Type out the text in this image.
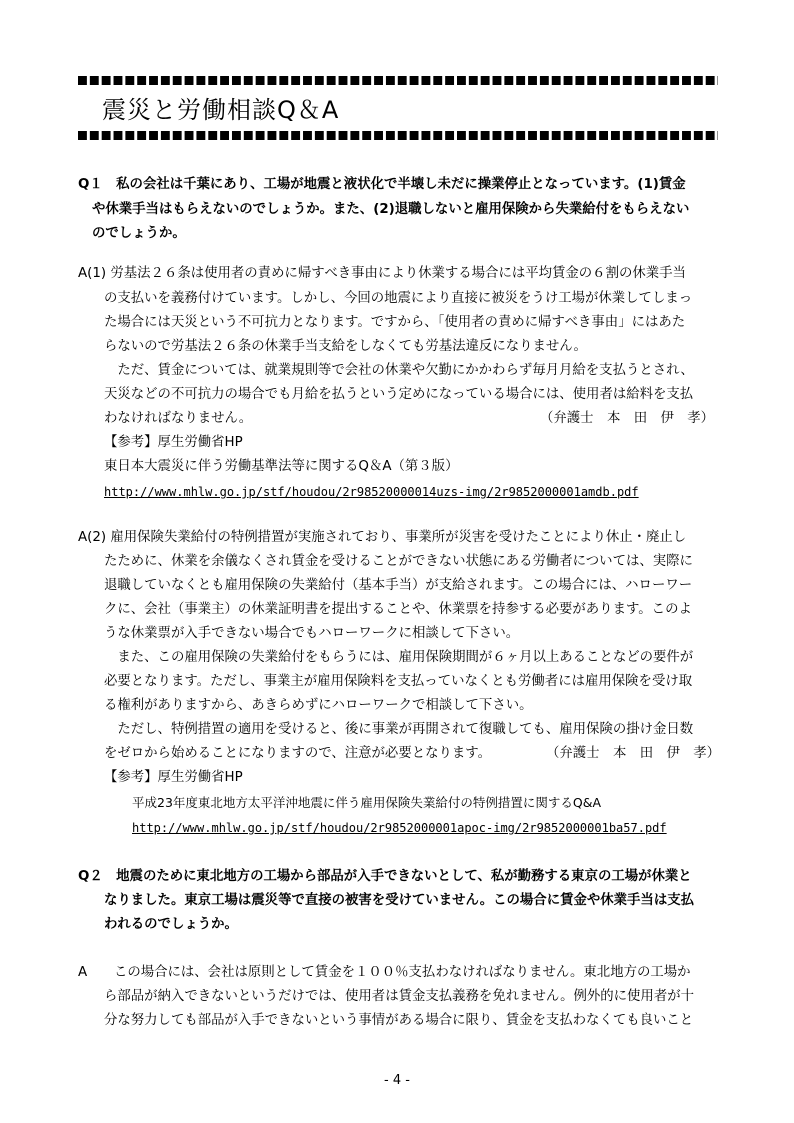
震災と労働相談Q＆A
Q１　私の会社は千葉にあり、工場が地震と液状化で半壊し未だに操業停止となっています。(1)賃金
や休業手当はもらえないのでしょうか。また、(2)退職しないと雇用保険から失業給付をもらえない
のでしょうか。
A(1) 労基法２６条は使用者の責めに帰すべき事由により休業する場合には平均賃金の６割の休業手当
の支払いを義務付けています。しかし、今回の地震により直接に被災をうけ工場が休業してしまっ
た場合には天災という不可抗力となります。ですから、「使用者の責めに帰すべき事由」にはあた
らないので労基法２６条の休業手当支給をしなくても労基法違反になりません。
　ただ、賃金については、就業規則等で会社の休業や欠勤にかかわらず毎月月給を支払うとされ、
天災などの不可抗力の場合でも月給を払うという定めになっている場合には、使用者は給料を支払
わなければなりません。	（弁護士　本　田　伊　孝）
【参考】厚生労働省HP
東日本大震災に伴う労働基準法等に関するQ＆A（第３版）
http://www.mhlw.go.jp/stf/houdou/2r98520000014uzs-img/2r9852000001amdb.pdf
A(2) 雇用保険失業給付の特例措置が実施されており、事業所が災害を受けたことにより休止・廃止し
たために、休業を余儀なくされ賃金を受けることができない状態にある労働者については、実際に
退職していなくとも雇用保険の失業給付（基本手当）が支給されます。この場合には、ハローワー
クに、会社（事業主）の休業証明書を提出することや、休業票を持参する必要があります。このよ
うな休業票が入手できない場合でもハローワークに相談して下さい。
　また、この雇用保険の失業給付をもらうには、雇用保険期間が６ヶ月以上あることなどの要件が
必要となります。ただし、事業主が雇用保険料を支払っていなくとも労働者には雇用保険を受け取
る権利がありますから、あきらめずにハローワークで相談して下さい。
　ただし、特例措置の適用を受けると、後に事業が再開されて復職しても、雇用保険の掛け金日数
をゼロから始めることになりますので、注意が必要となります。	（弁護士　本　田　伊　孝）
【参考】厚生労働省HP
平成23年度東北地方太平洋沖地震に伴う雇用保険失業給付の特例措置に関するQ&A
http://www.mhlw.go.jp/stf/houdou/2r9852000001apoc-img/2r9852000001ba57.pdf
Q２　地震のために東北地方の工場から部品が入手できないとして、私が勤務する東京の工場が休業と
なりました。東京工場は震災等で直接の被害を受けていません。この場合に賃金や休業手当は支払
われるのでしょうか。
A　　この場合には、会社は原則として賃金を１００％支払わなければなりません。東北地方の工場か
ら部品が納入できないというだけでは、使用者は賃金支払義務を免れません。例外的に使用者が十
分な努力しても部品が入手できないという事情がある場合に限り、賃金を支払わなくても良いこと
- 4 -
